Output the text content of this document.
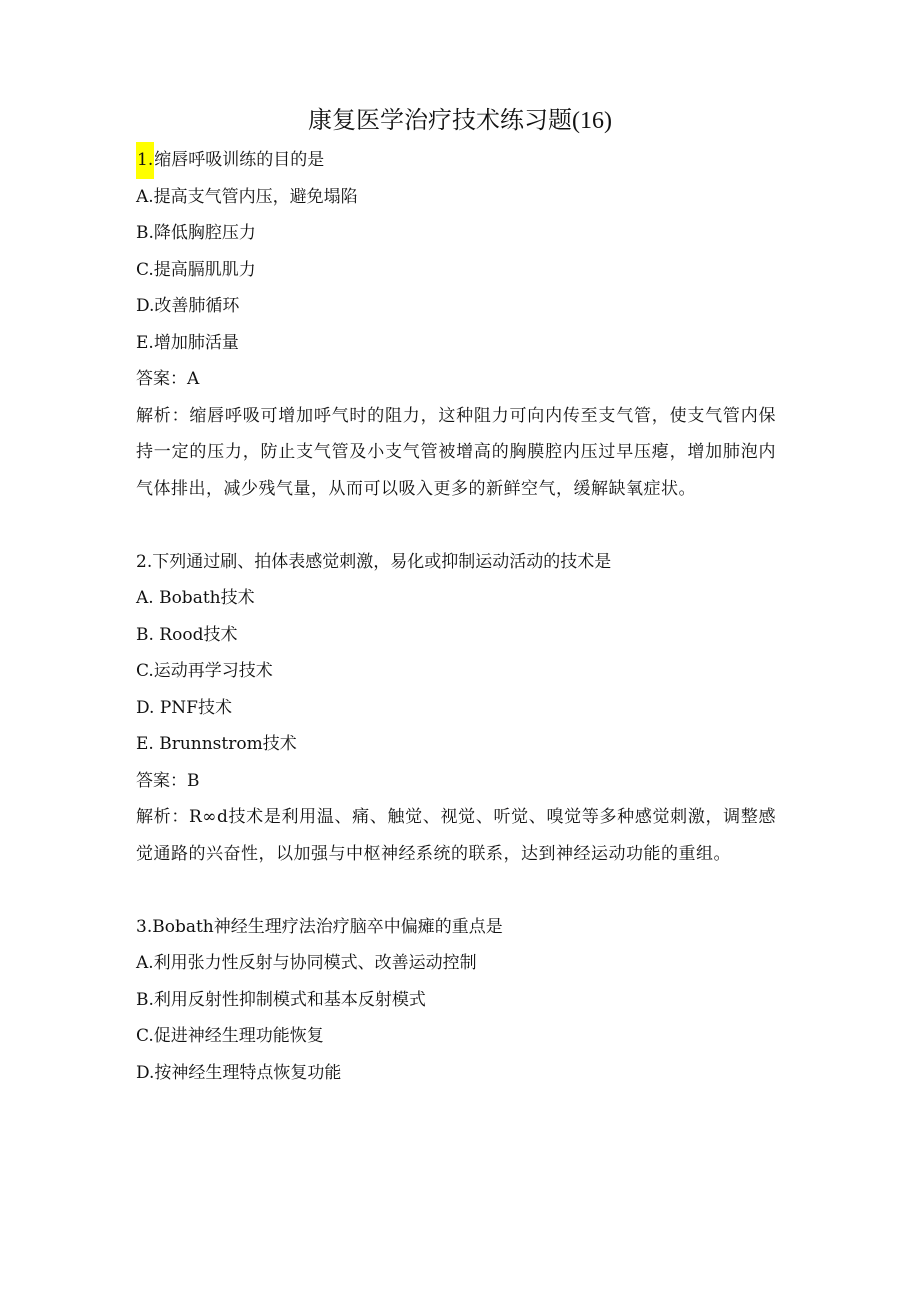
康复医学治疗技术练习题(16)
1.缩唇呼吸训练的目的是
A.提高支气管内压，避免塌陷
B.降低胸腔压力
C.提高膈肌肌力
D.改善肺循环
E.增加肺活量
答案：A
解析：缩唇呼吸可增加呼气时的阻力，这种阻力可向内传至支气管，使支气管内保持一定的压力，防止支气管及小支气管被增高的胸膜腔内压过早压瘪，增加肺泡内气体排出，减少残气量，从而可以吸入更多的新鲜空气，缓解缺氧症状。
2.下列通过刷、拍体表感觉刺激，易化或抑制运动活动的技术是
A. Bobath技术
B. Rood技术
C.运动再学习技术
D. PNF技术
E. Brunnstrom技术
答案：B
解析：R∞d技术是利用温、痛、触觉、视觉、听觉、嗅觉等多种感觉刺激，调整感觉通路的兴奋性，以加强与中枢神经系统的联系，达到神经运动功能的重组。
3.Bobath神经生理疗法治疗脑卒中偏瘫的重点是
A.利用张力性反射与协同模式、改善运动控制
B.利用反射性抑制模式和基本反射模式
C.促进神经生理功能恢复
D.按神经生理特点恢复功能
